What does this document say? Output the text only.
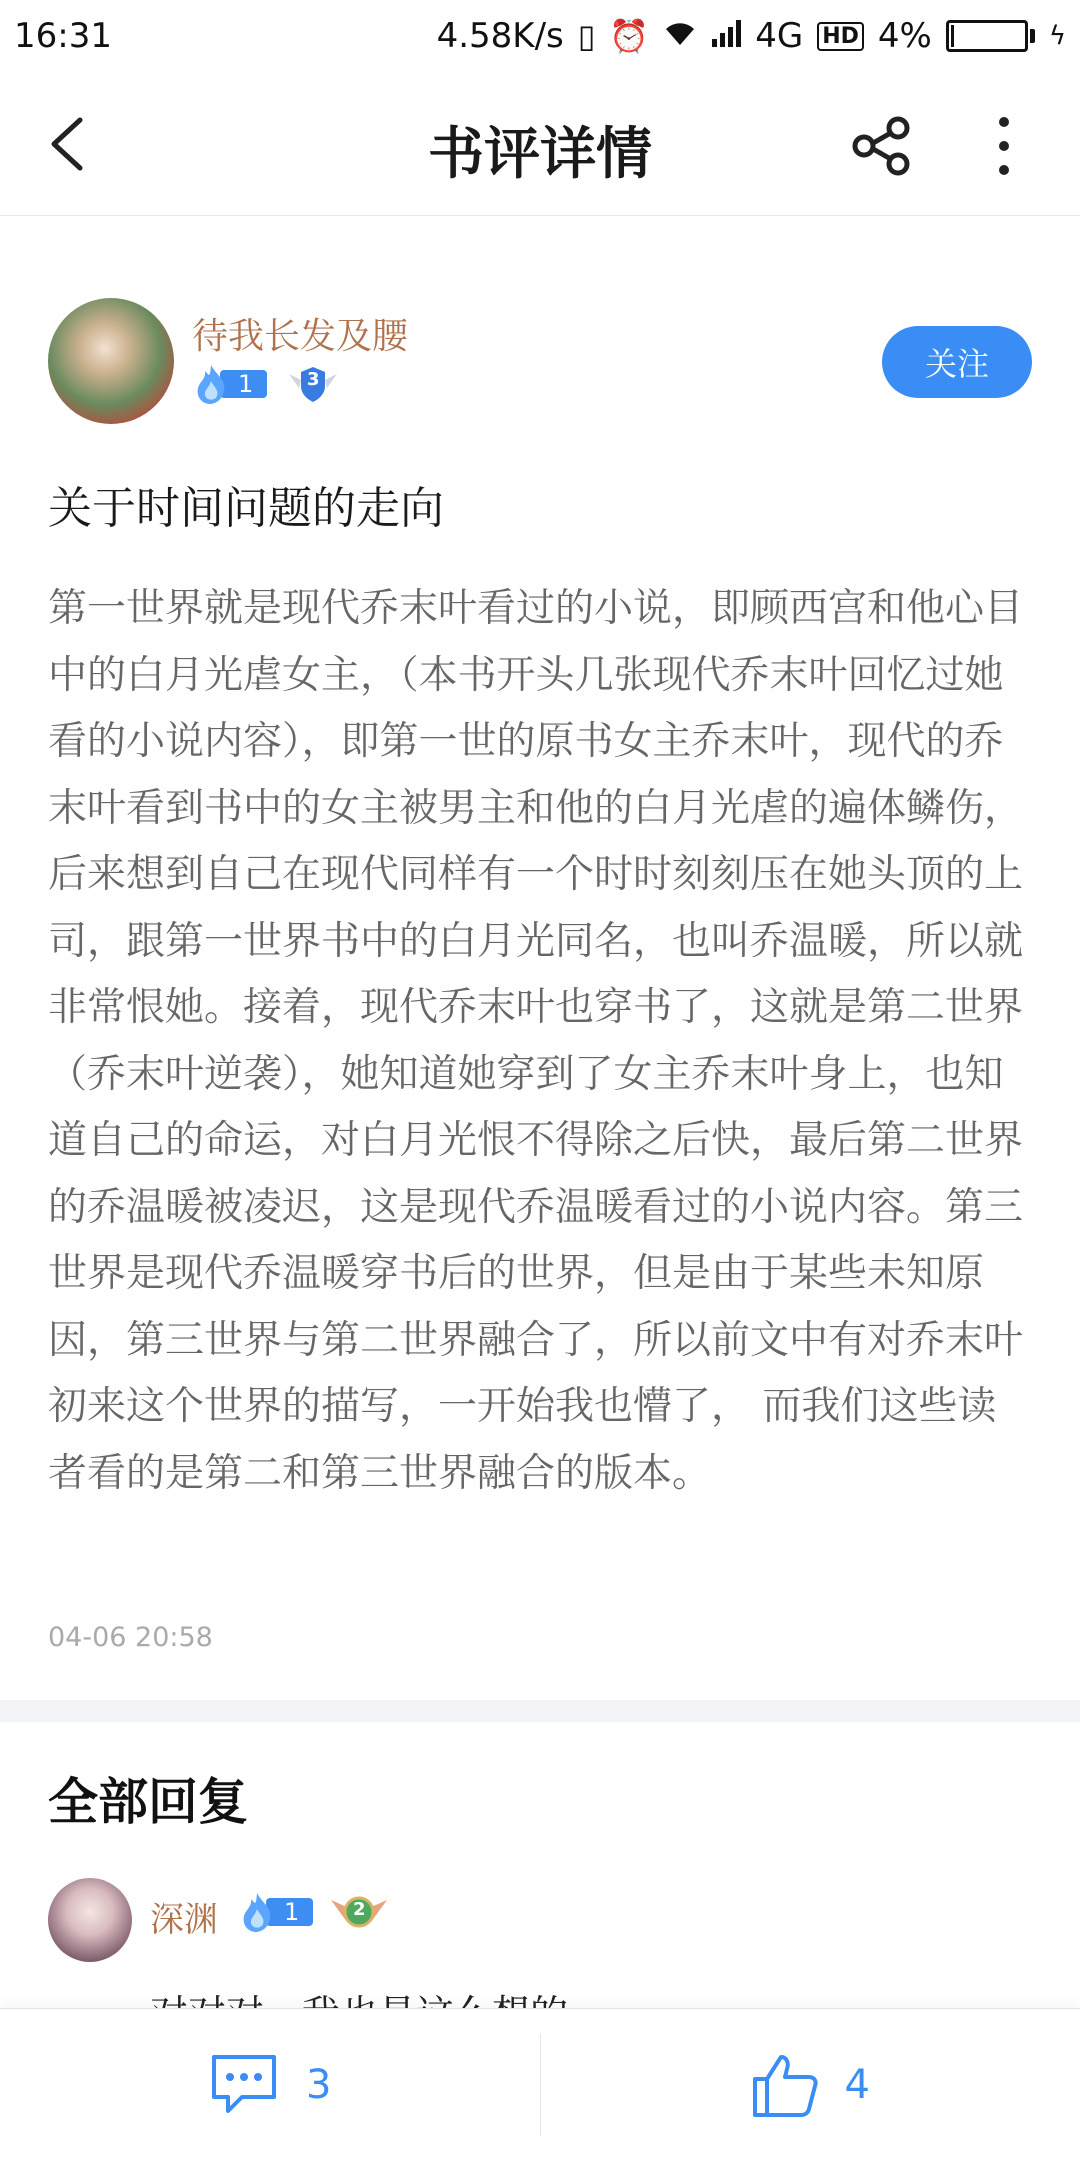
16:31	4.58K/s ▯ ⏰	4G HD 4%	ϟ
书评详情
待我长发及腰
1	3	关注
关于时间问题的走向
第一世界就是现代乔末叶看过的小说，即顾西宫和他心目中的白月光虐女主，（本书开头几张现代乔末叶回忆过她看的小说内容），即第一世的原书女主乔末叶，现代的乔末叶看到书中的女主被男主和他的白月光虐的遍体鳞伤，后来想到自己在现代同样有一个时时刻刻压在她头顶的上司，跟第一世界书中的白月光同名，也叫乔温暖，所以就非常恨她。接着，现代乔末叶也穿书了，这就是第二世界（乔末叶逆袭），她知道她穿到了女主乔末叶身上，也知道自己的命运，对白月光恨不得除之后快，最后第二世界的乔温暖被凌迟，这是现代乔温暖看过的小说内容。第三世界是现代乔温暖穿书后的世界，但是由于某些未知原因，第三世界与第二世界融合了，所以前文中有对乔末叶初来这个世界的描写，一开始我也懵了， 而我们这些读者看的是第二和第三世界融合的版本。
04-06 20:58
全部回复
深渊	1	2
3	4
